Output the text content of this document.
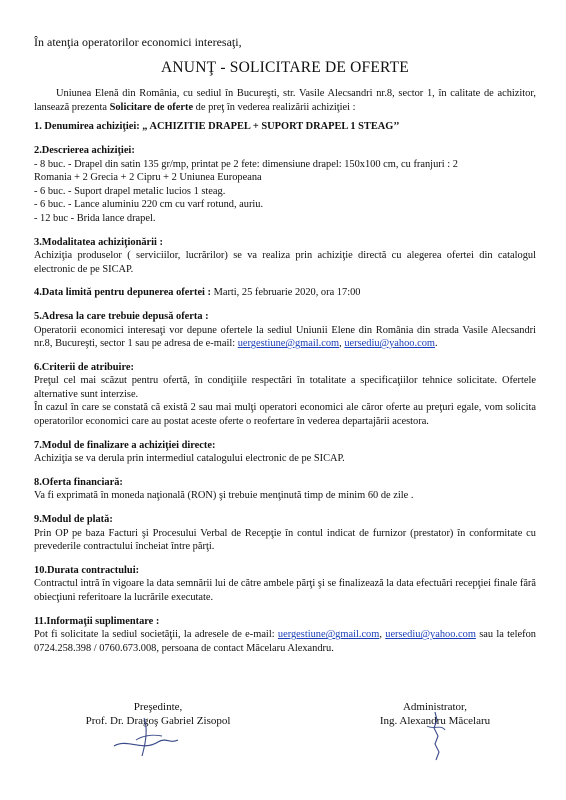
În atenţia operatorilor economici interesaţi,
ANUNŢ - SOLICITARE DE OFERTE
Uniunea Elenă din România, cu sediul în Bucureşti, str. Vasile Alecsandri nr.8, sector 1, în calitate de achizitor, lansează prezenta Solicitare de oferte de preţ în vederea realizării achiziţiei :
1. Denumirea achiziţiei: „ ACHIZITIE DRAPEL + SUPORT DRAPEL 1 STEAG’’
2.Descrierea achiziţiei:
- 8 buc. - Drapel din satin 135 gr/mp, printat pe 2 fete: dimensiune drapel: 150x100 cm, cu franjuri : 2
Romania + 2 Grecia + 2 Cipru + 2 Uniunea Europeana
- 6 buc. - Suport drapel metalic lucios 1 steag.
- 6 buc. - Lance aluminiu 220 cm cu varf rotund, auriu.
- 12 buc - Brida lance drapel.
3.Modalitatea achiziţionării :
Achiziţia produselor ( serviciilor, lucrărilor) se va realiza prin achiziţie directă cu alegerea ofertei din catalogul electronic de pe SICAP.
4.Data limită pentru depunerea ofertei : Marti, 25 februarie 2020, ora 17:00
5.Adresa la care trebuie depusă oferta :
Operatorii economici interesaţi vor depune ofertele la sediul Uniunii Elene din România din strada Vasile Alecsandri nr.8, Bucureşti, sector 1 sau pe adresa de e-mail: uergestiune@gmail.com, uersediu@yahoo.com.
6.Criterii de atribuire:
Preţul cel mai scăzut pentru ofertă, în condiţiile respectări în totalitate a specificaţiilor tehnice solicitate. Ofertele alternative sunt interzise.
În cazul în care se constată că există 2 sau mai mulţi operatori economici ale căror oferte au preţuri egale, vom solicita operatorilor economici care au postat aceste oferte o reofertare în vederea departajării acestora.
7.Modul de finalizare a achiziţiei directe:
Achiziţia se va derula prin intermediul catalogului electronic de pe SICAP.
8.Oferta financiară:
Va fi exprimată în moneda naţională (RON) şi trebuie menţinută timp de minim 60 de zile .
9.Modul de plată:
Prin OP pe baza Facturi şi Procesului Verbal de Recepţie în contul indicat de furnizor (prestator) în conformitate cu prevederile contractului încheiat între părţi.
10.Durata contractului:
Contractul intră în vigoare la data semnării lui de către ambele părţi şi se finalizează la data efectuări recepţiei finale fără obiecţiuni referitoare la lucrările executate.
11.Informaţii suplimentare :
Pot fi solicitate la sediul societăţii, la adresele de e-mail: uergestiune@gmail.com, uersediu@yahoo.com sau la telefon 0724.258.398 / 0760.673.008, persoana de contact Măcelaru Alexandru.
Preşedinte,
Prof. Dr. Dragoş Gabriel Zisopol
Administrator,
Ing. Alexandru Măcelaru
